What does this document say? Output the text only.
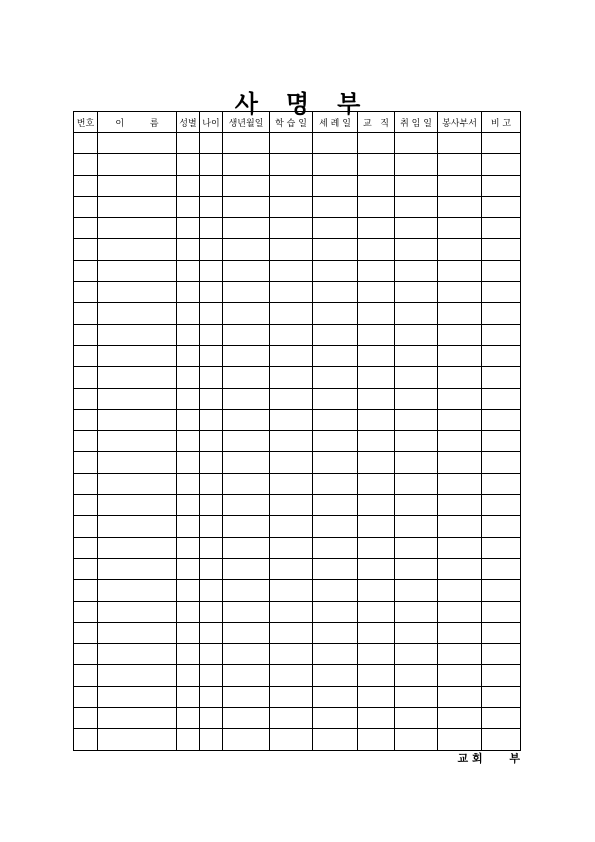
사 명 부
번호	이         름	성별	나이	생년월일	학 습 일	세 례 일	교   직	취 임 일	봉사부서	비 고

교 회       부
